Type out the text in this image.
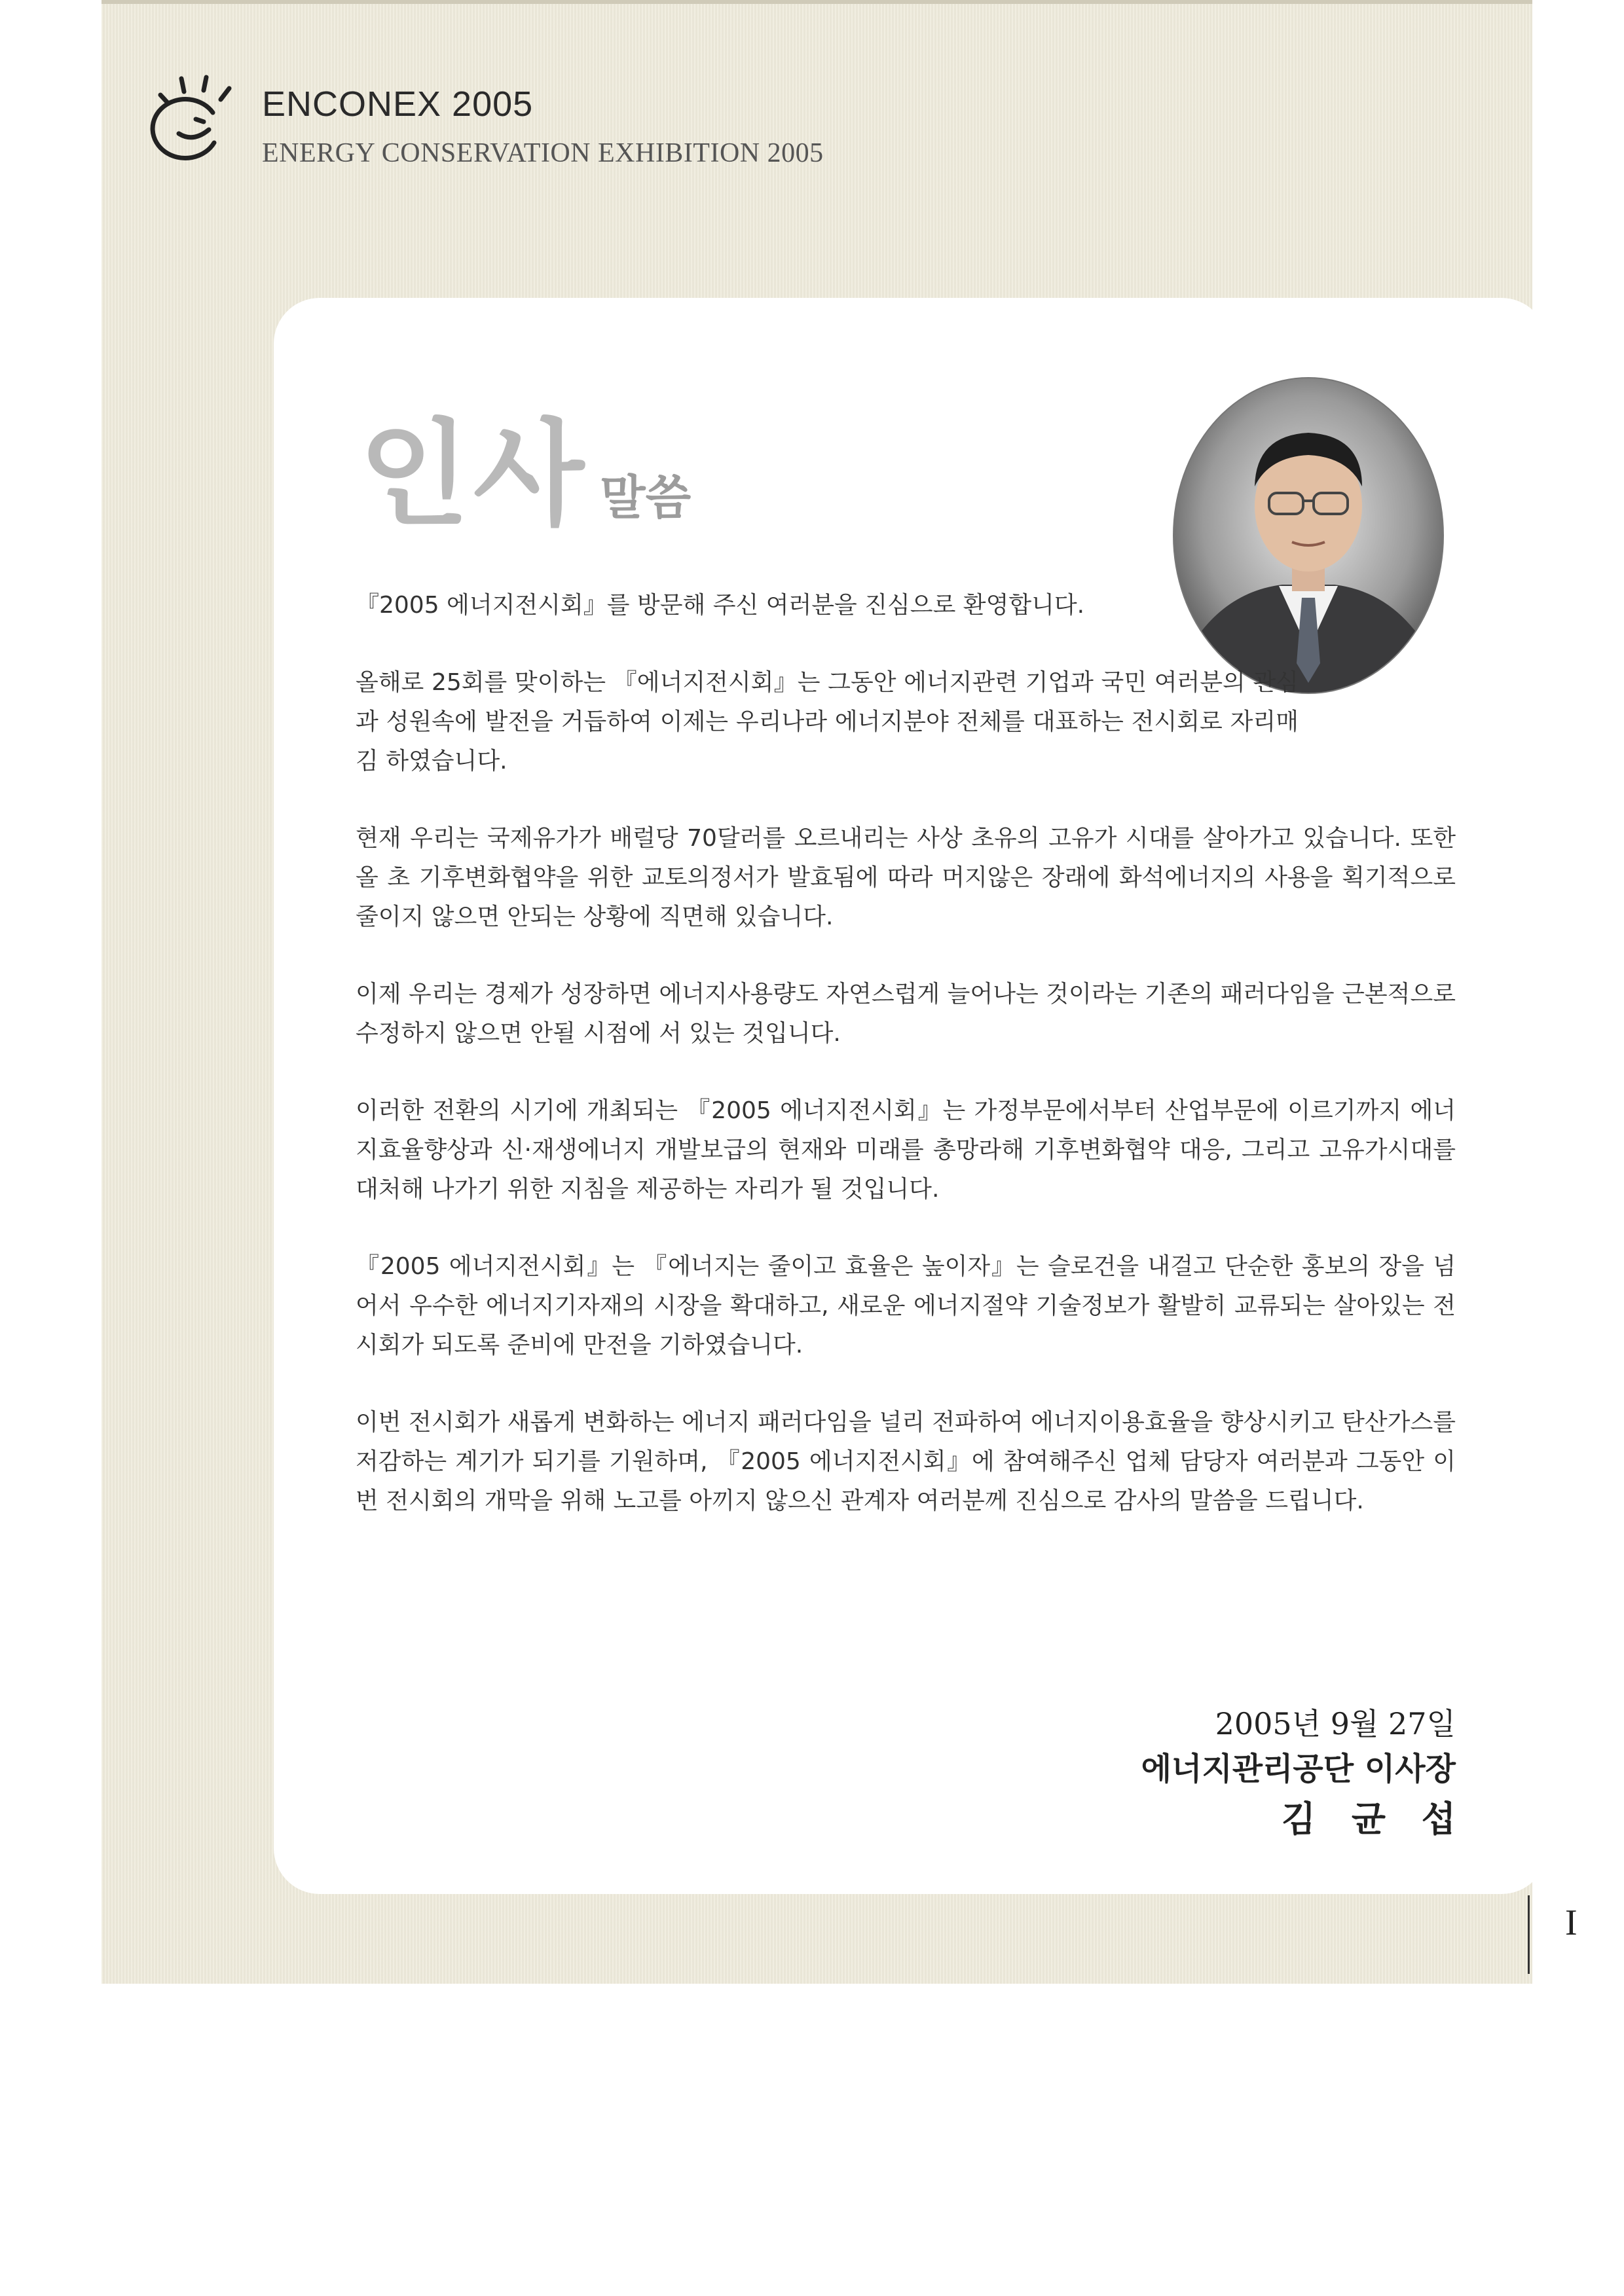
ENCONEX 2005
ENERGY CONSERVATION EXHIBITION 2005
인사 말씀

『2005 에너지전시회』를 방문해 주신 여러분을 진심으로 환영합니다.

올해로 25회를 맞이하는 『에너지전시회』는 그동안 에너지관련 기업과 국민 여러분의 관심과 성원속에 발전을 거듭하여 이제는 우리나라 에너지분야 전체를 대표하는 전시회로 자리매김 하였습니다.

현재 우리는 국제유가가 배럴당 70달러를 오르내리는 사상 초유의 고유가 시대를 살아가고 있습니다. 또한 올 초 기후변화협약을 위한 교토의정서가 발효됨에 따라 머지않은 장래에 화석에너지의 사용을 획기적으로 줄이지 않으면 안되는 상황에 직면해 있습니다.

이제 우리는 경제가 성장하면 에너지사용량도 자연스럽게 늘어나는 것이라는 기존의 패러다임을 근본적으로 수정하지 않으면 안될 시점에 서 있는 것입니다.

이러한 전환의 시기에 개최되는 『2005 에너지전시회』는 가정부문에서부터 산업부문에 이르기까지 에너지효율향상과 신·재생에너지 개발보급의 현재와 미래를 총망라해 기후변화협약 대응, 그리고 고유가시대를 대처해 나가기 위한 지침을 제공하는 자리가 될 것입니다.

『2005 에너지전시회』는 『에너지는 줄이고 효율은 높이자』는 슬로건을 내걸고 단순한 홍보의 장을 넘어서 우수한 에너지기자재의 시장을 확대하고, 새로운 에너지절약 기술정보가 활발히 교류되는 살아있는 전시회가 되도록 준비에 만전을 기하였습니다.

이번 전시회가 새롭게 변화하는 에너지 패러다임을 널리 전파하여 에너지이용효율을 향상시키고 탄산가스를 저감하는 계기가 되기를 기원하며, 『2005 에너지전시회』에 참여해주신 업체 담당자 여러분과 그동안 이번 전시회의 개막을 위해 노고를 아끼지 않으신 관계자 여러분께 진심으로 감사의 말씀을 드립니다.

2005년 9월 27일
에너지관리공단 이사장
김 균 섭
I
